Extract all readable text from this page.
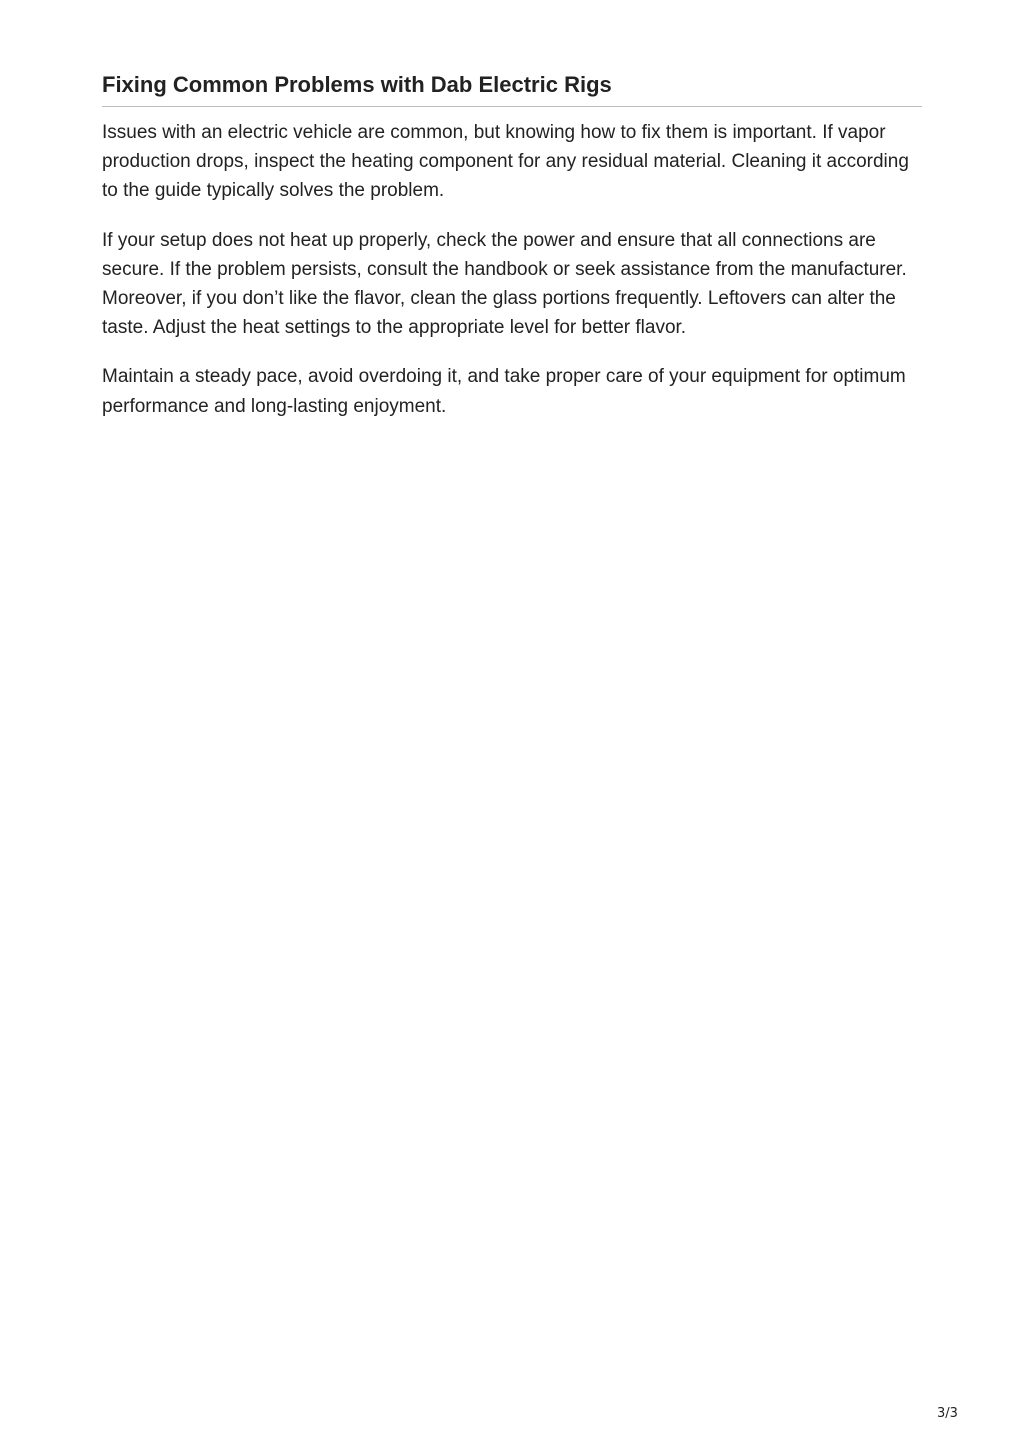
Fixing Common Problems with Dab Electric Rigs

Issues with an electric vehicle are common, but knowing how to fix them is important. If vapor production drops, inspect the heating component for any residual material. Cleaning it according to the guide typically solves the problem.

If your setup does not heat up properly, check the power and ensure that all connections are secure. If the problem persists, consult the handbook or seek assistance from the manufacturer. Moreover, if you don’t like the flavor, clean the glass portions frequently. Leftovers can alter the taste. Adjust the heat settings to the appropriate level for better flavor.

Maintain a steady pace, avoid overdoing it, and take proper care of your equipment for optimum performance and long-lasting enjoyment.

3/3
